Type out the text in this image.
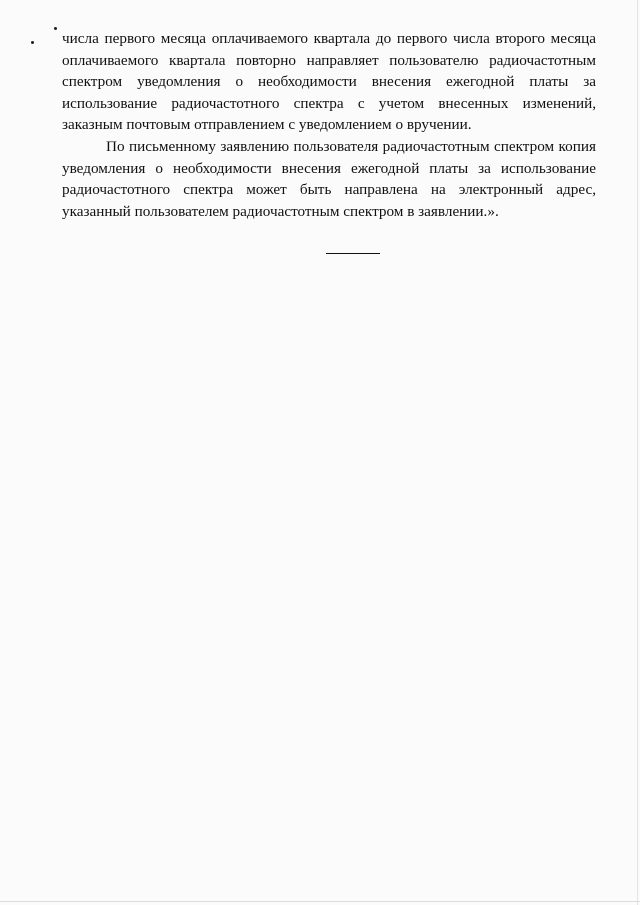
числа первого месяца оплачиваемого квартала до первого числа второго месяца оплачиваемого квартала повторно направляет пользователю радиочастотным спектром уведомления о необходимости внесения ежегодной платы за использование радиочастотного спектра с учетом внесенных изменений, заказным почтовым отправлением с уведомлением о вручении.

По письменному заявлению пользователя радиочастотным спектром копия уведомления о необходимости внесения ежегодной платы за использование радиочастотного спектра может быть направлена на электронный адрес, указанный пользователем радиочастотным спектром в заявлении.».
